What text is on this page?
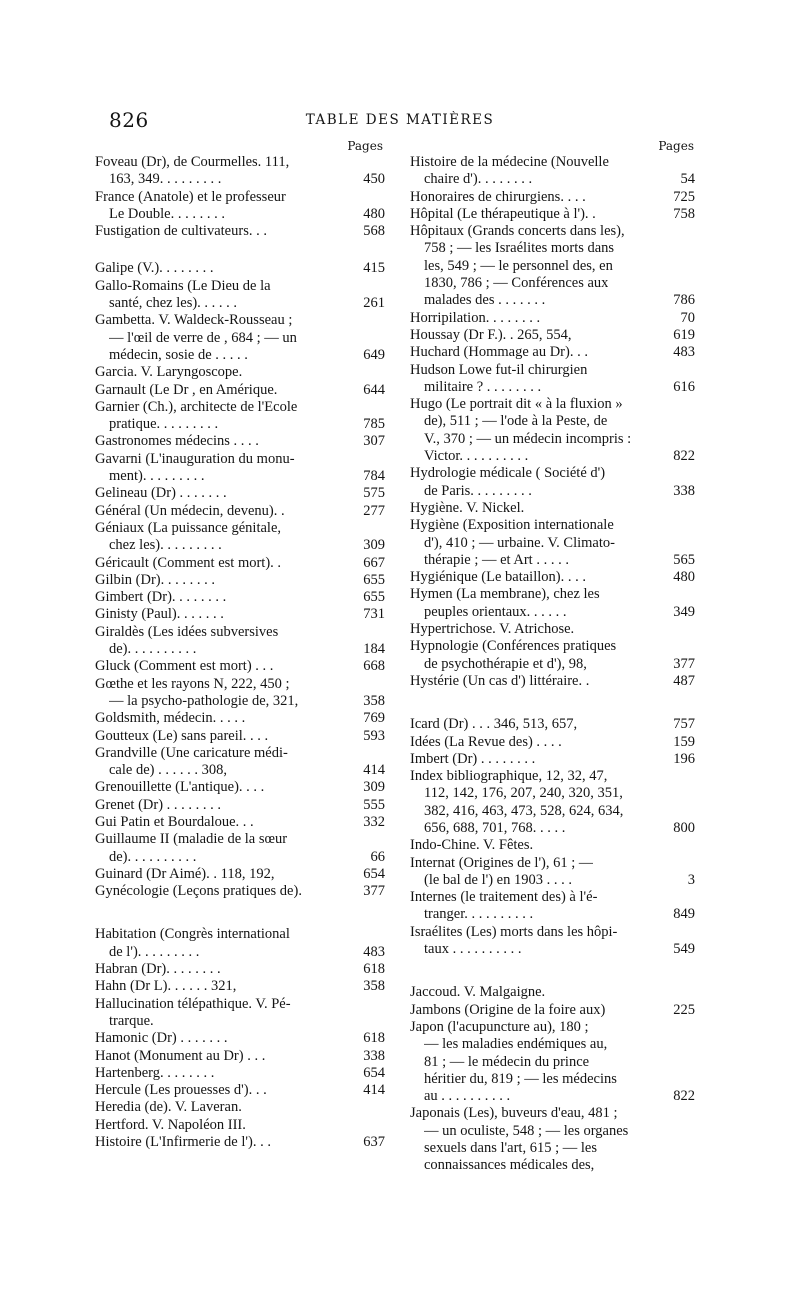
826	TABLE DES MATIÈRES
Pages	Pages
Foveau (Dr), de Courmelles. 111,
163, 349. . . . . . . . .	450
France (Anatole) et le professeur
Le Double. . . . . . . .	480
Fustigation de cultivateurs. . .	568
Galipe (V.). . . . . . . .	415
Gallo-Romains (Le Dieu de la
santé, chez les). . . . . .	261
Gambetta. V. Waldeck-Rousseau ;
— l'œil de verre de , 684 ; — un
médecin, sosie de . . . . .	649
Garcia. V. Laryngoscope.
Garnault (Le Dr , en Amérique.	644
Garnier (Ch.), architecte de l'Ecole
pratique. . . . . . . . .	785
Gastronomes médecins . . . .	307
Gavarni (L'inauguration du monu-
ment). . . . . . . . .	784
Gelineau (Dr) . . . . . . .	575
Général (Un médecin, devenu). .	277
Géniaux (La puissance génitale,
chez les). . . . . . . . .	309
Géricault (Comment est mort). .	667
Gilbin (Dr). . . . . . . .	655
Gimbert (Dr). . . . . . . .	655
Ginisty (Paul). . . . . . .	731
Giraldès (Les idées subversives
de). . . . . . . . . .	184
Gluck (Comment est mort) . . .	668
Gœthe et les rayons N, 222, 450 ;
— la psycho-pathologie de, 321,	358
Goldsmith, médecin. . . . .	769
Goutteux (Le) sans pareil. . . .	593
Grandville (Une caricature médi-
cale de) . . . . . . 308,	414
Grenouillette (L'antique). . . .	309
Grenet (Dr) . . . . . . . .	555
Gui Patin et Bourdaloue. . .	332
Guillaume II (maladie de la sœur
de). . . . . . . . . .	66
Guinard (Dr Aimé). . 118, 192,	654
Gynécologie (Leçons pratiques de).	377
Habitation (Congrès international
de l'). . . . . . . . .	483
Habran (Dr). . . . . . . .	618
Hahn (Dr L). . . . . . 321,	358
Hallucination télépathique. V. Pé-
trarque.
Hamonic (Dr) . . . . . . .	618
Hanot (Monument au Dr) . . .	338
Hartenberg. . . . . . . .	654
Hercule (Les prouesses d'). . .	414
Heredia (de). V. Laveran.
Hertford. V. Napoléon III.
Histoire (L'Infirmerie de l'). . .	637
Histoire de la médecine (Nouvelle
chaire d'). . . . . . . .	54
Honoraires de chirurgiens. . . .	725
Hôpital (Le thérapeutique à l'). .	758
Hôpitaux (Grands concerts dans les),
758 ; — les Israélites morts dans
les, 549 ; — le personnel des, en
1830, 786 ; — Conférences aux
malades des . . . . . . .	786
Horripilation. . . . . . . .	70
Houssay (Dr F.). . 265, 554,	619
Huchard (Hommage au Dr). . .	483
Hudson Lowe fut-il chirurgien
militaire ? . . . . . . . .	616
Hugo (Le portrait dit « à la fluxion »
de), 511 ; — l'ode à la Peste, de
V., 370 ; — un médecin incompris :
Victor. . . . . . . . . .	822
Hydrologie médicale ( Société d')
de Paris. . . . . . . . .	338
Hygiène. V. Nickel.
Hygiène (Exposition internationale
d'), 410 ; — urbaine. V. Climato-
thérapie ; — et Art . . . . .	565
Hygiénique (Le bataillon). . . .	480
Hymen (La membrane), chez les
peuples orientaux. . . . . .	349
Hypertrichose. V. Atrichose.
Hypnologie (Conférences pratiques
de psychothérapie et d'), 98,	377
Hystérie (Un cas d') littéraire. .	487
Icard (Dr) . . . 346, 513, 657,	757
Idées (La Revue des) . . . .	159
Imbert (Dr) . . . . . . . .	196
Index bibliographique, 12, 32, 47,
112, 142, 176, 207, 240, 320, 351,
382, 416, 463, 473, 528, 624, 634,
656, 688, 701, 768. . . . .	800
Indo-Chine. V. Fêtes.
Internat (Origines de l'), 61 ; —
(le bal de l') en 1903 . . . .	3
Internes (le traitement des) à l'é-
tranger. . . . . . . . . .	849
Israélites (Les) morts dans les hôpi-
taux . . . . . . . . . .	549
Jaccoud. V. Malgaigne.
Jambons (Origine de la foire aux)	225
Japon (l'acupuncture au), 180 ;
— les maladies endémiques au,
81 ; — le médecin du prince
héritier du, 819 ; — les médecins
au . . . . . . . . . .	822
Japonais (Les), buveurs d'eau, 481 ;
— un oculiste, 548 ; — les organes
sexuels dans l'art, 615 ; — les
connaissances médicales des,
